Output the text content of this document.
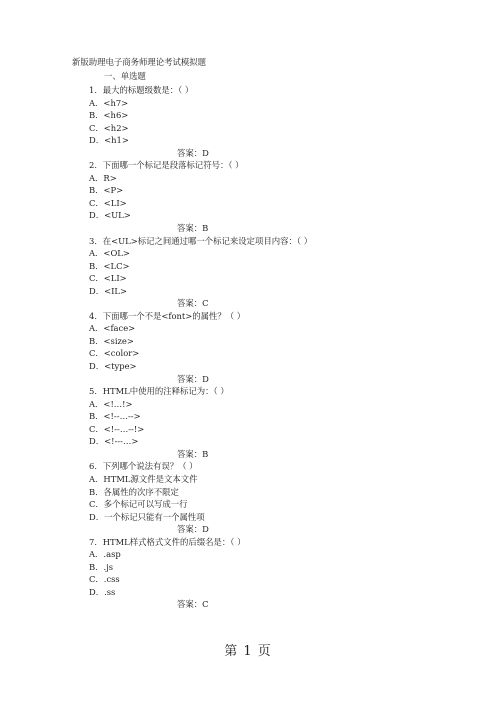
新版助理电子商务师理论考试模拟题
一、单选题
1．最大的标题级数是：（ ）
A．<h7>
B．<h6>
C．<h2>
D．<h1>
答案：D
2．下面哪一个标记是段落标记符号：（ ）
A．R>
B．<P>
C．<LI>
D．<UL>
答案：B
3．在<UL>标记之间通过哪一个标记来设定项目内容：（ ）
A．<OL>
B．<LC>
C．<LI>
D．<IL>
答案：C
4．下面哪一个不是<font>的属性？（ ）
A．<face>
B．<size>
C．<color>
D．<type>
答案：D
5．HTML中使用的注释标记为：（ ）
A．<!…!>
B．<!--…-->
C．<!--…--!>
D．<!---…>
答案：B
6．下列哪个说法有误？（ ）
A．HTML源文件是文本文件
B．各属性的次序不限定
C．多个标记可以写成一行
D．一个标记只能有一个属性项
答案：D
7．HTML样式格式文件的后缀名是：（ ）
A．.asp
B．.js
C．.css
D．.ss
答案：C
第 1 页
